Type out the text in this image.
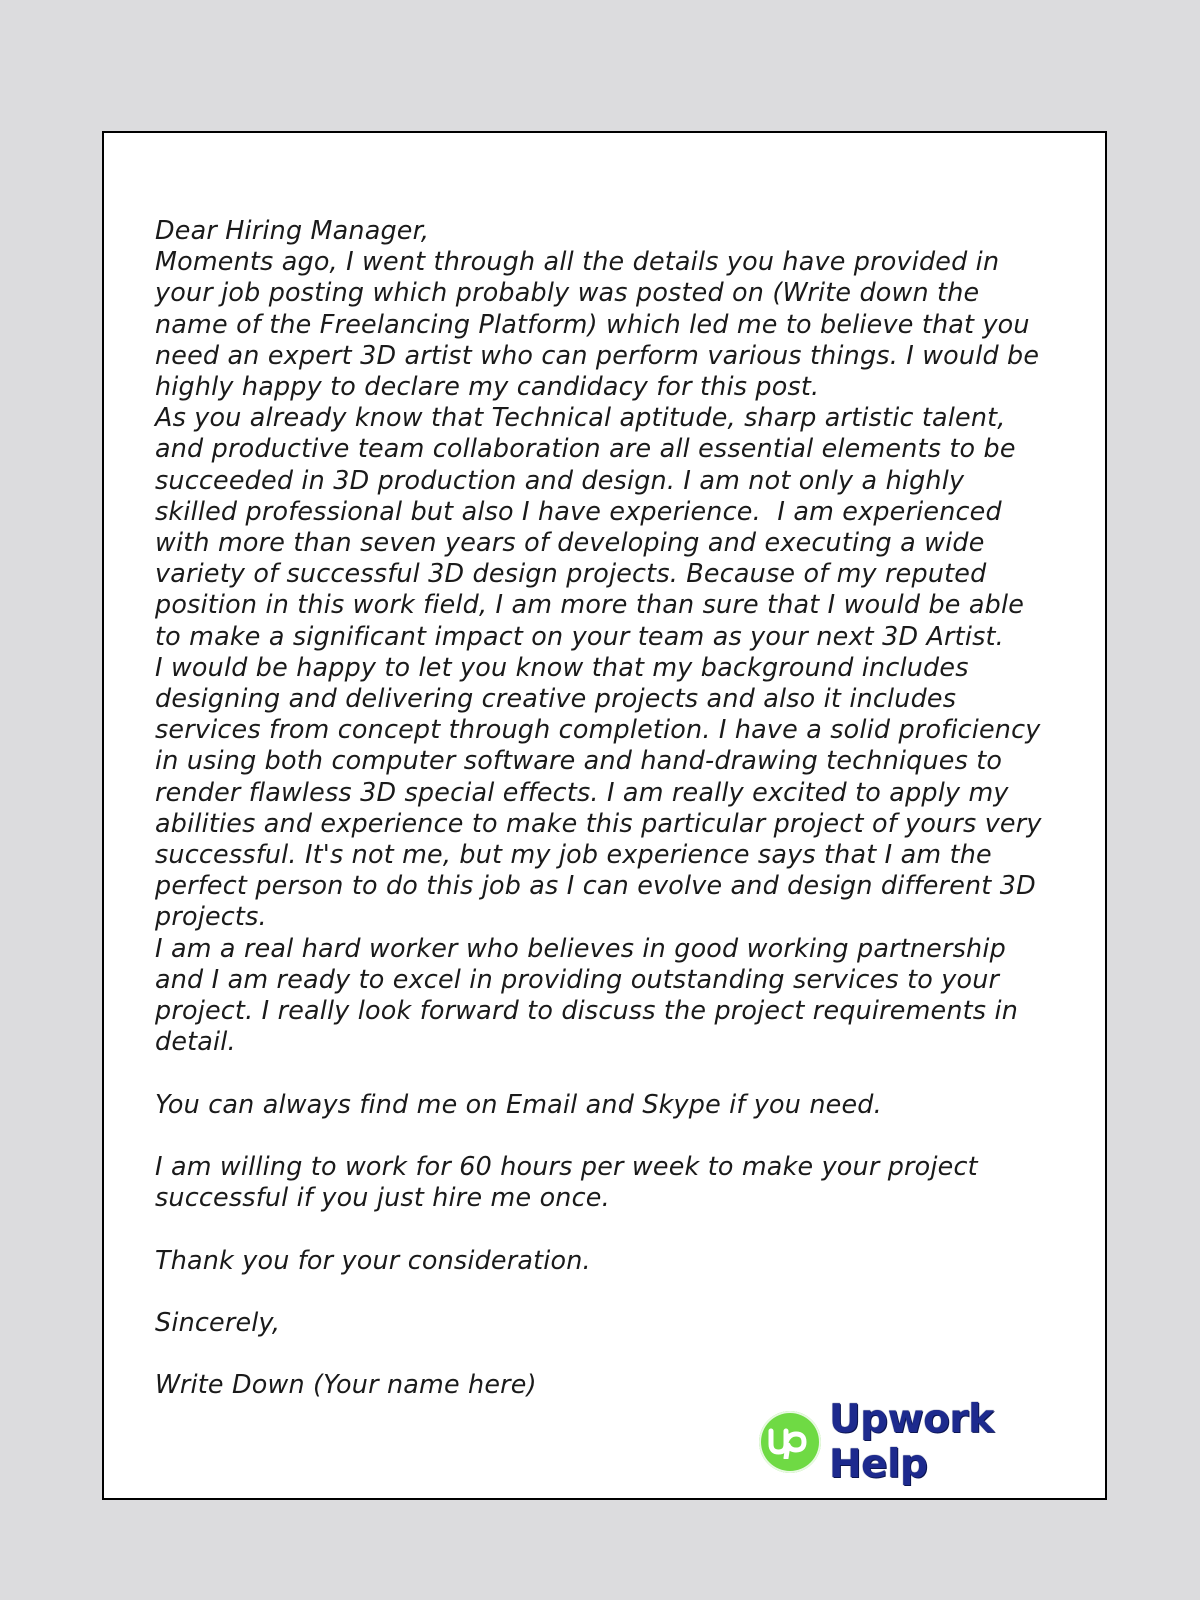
Dear Hiring Manager,
Moments ago, I went through all the details you have provided in
your job posting which probably was posted on (Write down the
name of the Freelancing Platform) which led me to believe that you
need an expert 3D artist who can perform various things. I would be
highly happy to declare my candidacy for this post.
As you already know that Technical aptitude, sharp artistic talent,
and productive team collaboration are all essential elements to be
succeeded in 3D production and design. I am not only a highly
skilled professional but also I have experience.  I am experienced
with more than seven years of developing and executing a wide
variety of successful 3D design projects. Because of my reputed
position in this work field, I am more than sure that I would be able
to make a significant impact on your team as your next 3D Artist.
I would be happy to let you know that my background includes
designing and delivering creative projects and also it includes
services from concept through completion. I have a solid proficiency
in using both computer software and hand-drawing techniques to
render flawless 3D special effects. I am really excited to apply my
abilities and experience to make this particular project of yours very
successful. It's not me, but my job experience says that I am the
perfect person to do this job as I can evolve and design different 3D
projects.
I am a real hard worker who believes in good working partnership
and I am ready to excel in providing outstanding services to your
project. I really look forward to discuss the project requirements in
detail.
You can always find me on Email and Skype if you need.
I am willing to work for 60 hours per week to make your project
successful if you just hire me once.
Thank you for your consideration.
Sincerely,
Write Down (Your name here)
Upwork Help
